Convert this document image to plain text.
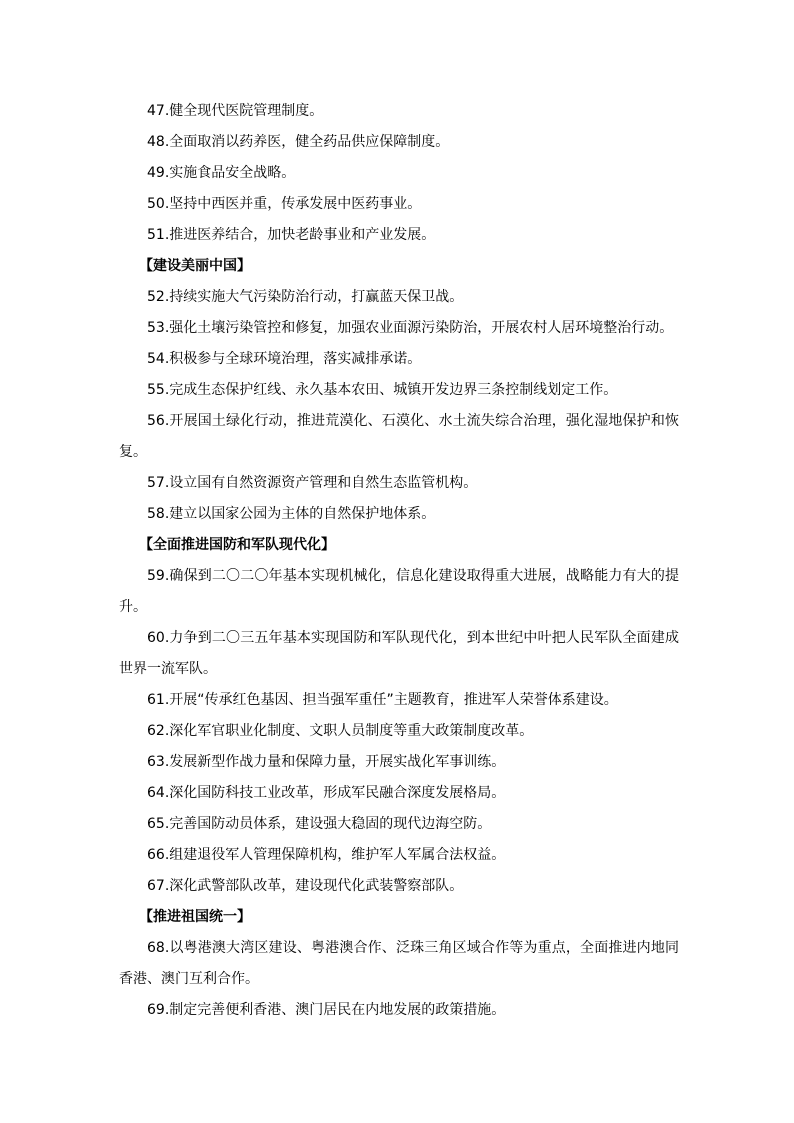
47.健全现代医院管理制度。

48.全面取消以药养医，健全药品供应保障制度。

49.实施食品安全战略。

50.坚持中西医并重，传承发展中医药事业。

51.推进医养结合，加快老龄事业和产业发展。

【建设美丽中国】

52.持续实施大气污染防治行动，打赢蓝天保卫战。

53.强化土壤污染管控和修复，加强农业面源污染防治，开展农村人居环境整治行动。

54.积极参与全球环境治理，落实减排承诺。

55.完成生态保护红线、永久基本农田、城镇开发边界三条控制线划定工作。

56.开展国土绿化行动，推进荒漠化、石漠化、水土流失综合治理，强化湿地保护和恢复。

57.设立国有自然资源资产管理和自然生态监管机构。

58.建立以国家公园为主体的自然保护地体系。

【全面推进国防和军队现代化】

59.确保到二〇二〇年基本实现机械化，信息化建设取得重大进展，战略能力有大的提升。

60.力争到二〇三五年基本实现国防和军队现代化，到本世纪中叶把人民军队全面建成世界一流军队。

61.开展“传承红色基因、担当强军重任”主题教育，推进军人荣誉体系建设。

62.深化军官职业化制度、文职人员制度等重大政策制度改革。

63.发展新型作战力量和保障力量，开展实战化军事训练。

64.深化国防科技工业改革，形成军民融合深度发展格局。

65.完善国防动员体系，建设强大稳固的现代边海空防。

66.组建退役军人管理保障机构，维护军人军属合法权益。

67.深化武警部队改革，建设现代化武装警察部队。

【推进祖国统一】

68.以粤港澳大湾区建设、粤港澳合作、泛珠三角区域合作等为重点，全面推进内地同香港、澳门互利合作。

69.制定完善便利香港、澳门居民在内地发展的政策措施。
